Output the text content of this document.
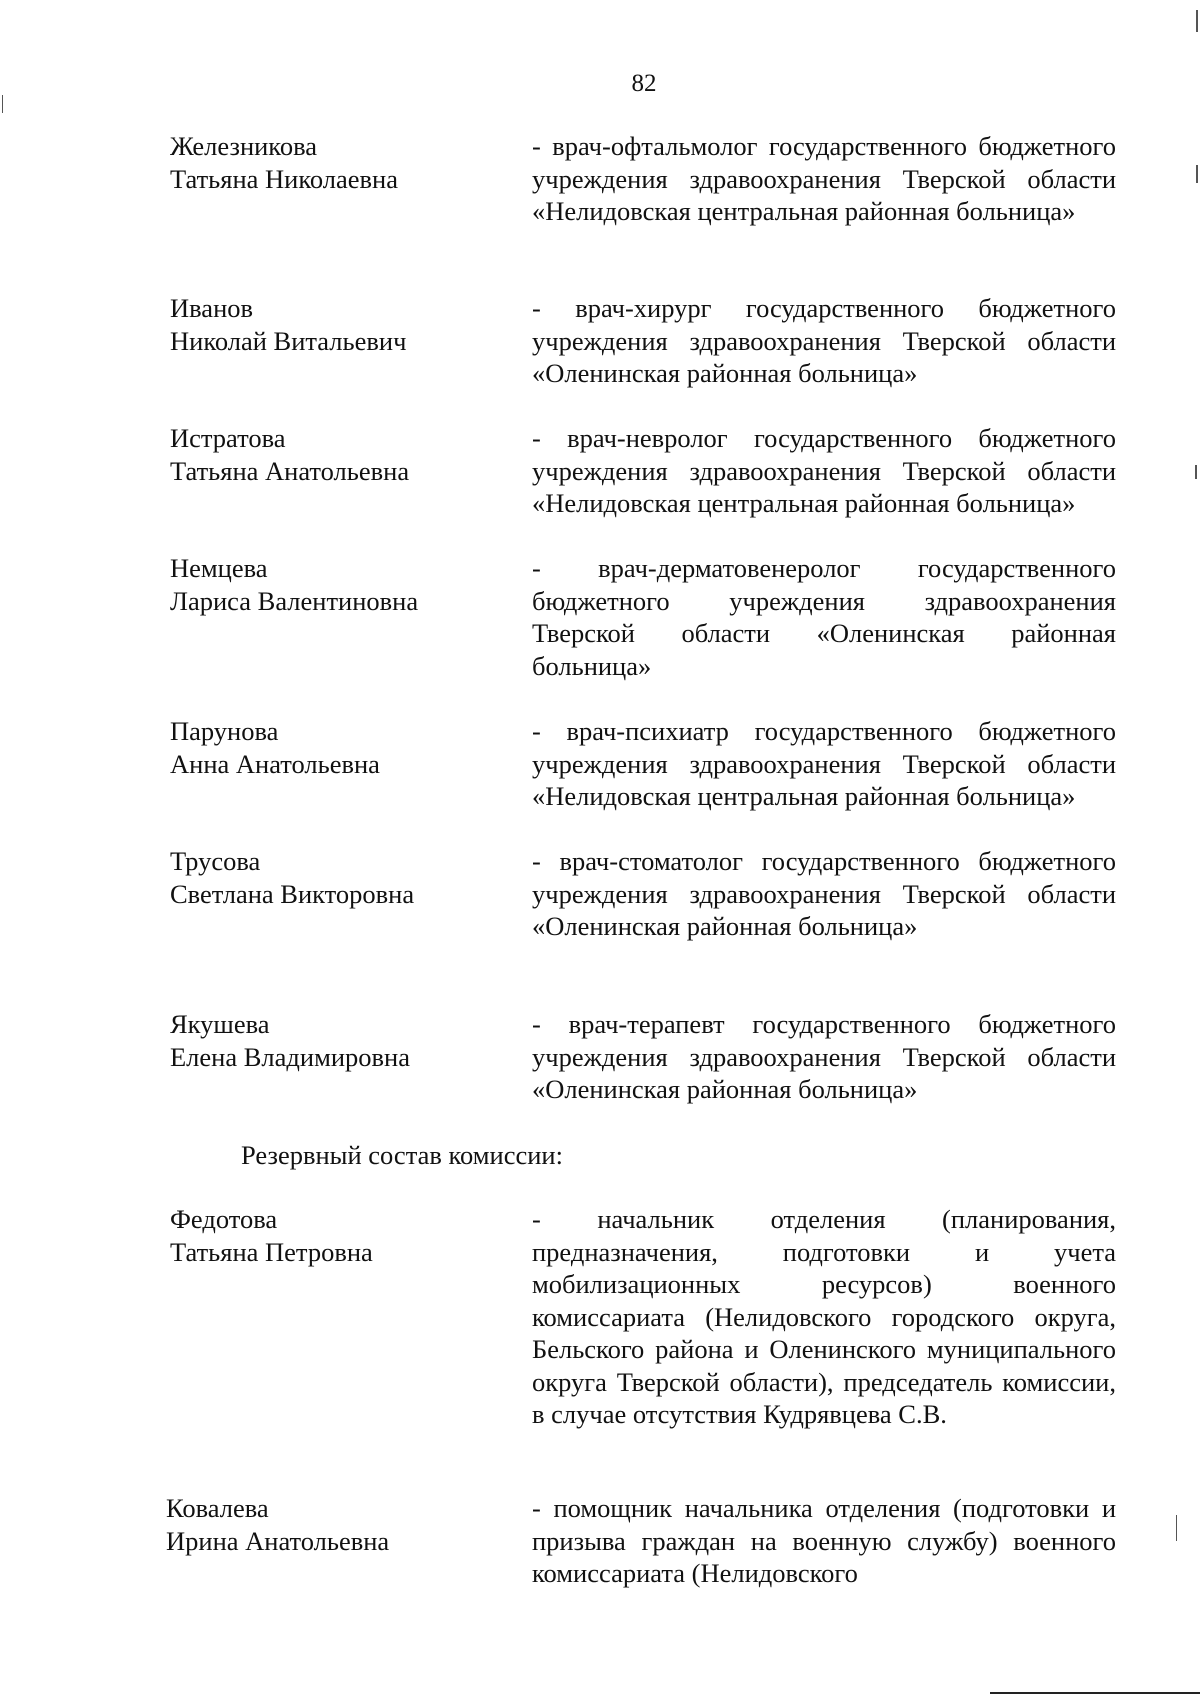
82
Железникова
Татьяна Николаевна
- врач-офтальмолог государственного бюджетного учреждения здравоохранения Тверской области «Нелидовская центральная районная больница»
Иванов
Николай Витальевич
- врач-хирург государственного бюджетного учреждения здравоохранения Тверской области «Оленинская районная больница»
Истратова
Татьяна Анатольевна
- врач-невролог государственного бюджетного учреждения здравоохранения Тверской области «Нелидовская центральная районная больница»
Немцева
Лариса Валентиновна
- врач-дерматовенеролог государственного бюджетного учреждения здравоохранения Тверской области «Оленинская районная больница»
Парунова
Анна Анатольевна
- врач-психиатр государственного бюджетного учреждения здравоохранения Тверской области «Нелидовская центральная районная больница»
Трусова
Светлана Викторовна
- врач-стоматолог государственного бюджетного учреждения здравоохранения Тверской области «Оленинская районная больница»
Якушева
Елена Владимировна
- врач-терапевт государственного бюджетного учреждения здравоохранения Тверской области «Оленинская районная больница»
Резервный состав комиссии:
Федотова
Татьяна Петровна
- начальник отделения (планирования, предназначения, подготовки и учета мобилизационных ресурсов) военного комиссариата (Нелидовского городского округа, Бельского района и Оленинского муниципального округа Тверской области), председатель комиссии, в случае отсутствия Кудрявцева С.В.
Ковалева
Ирина Анатольевна
- помощник начальника отделения (подготовки и призыва граждан на военную службу) военного комиссариата (Нелидовского
